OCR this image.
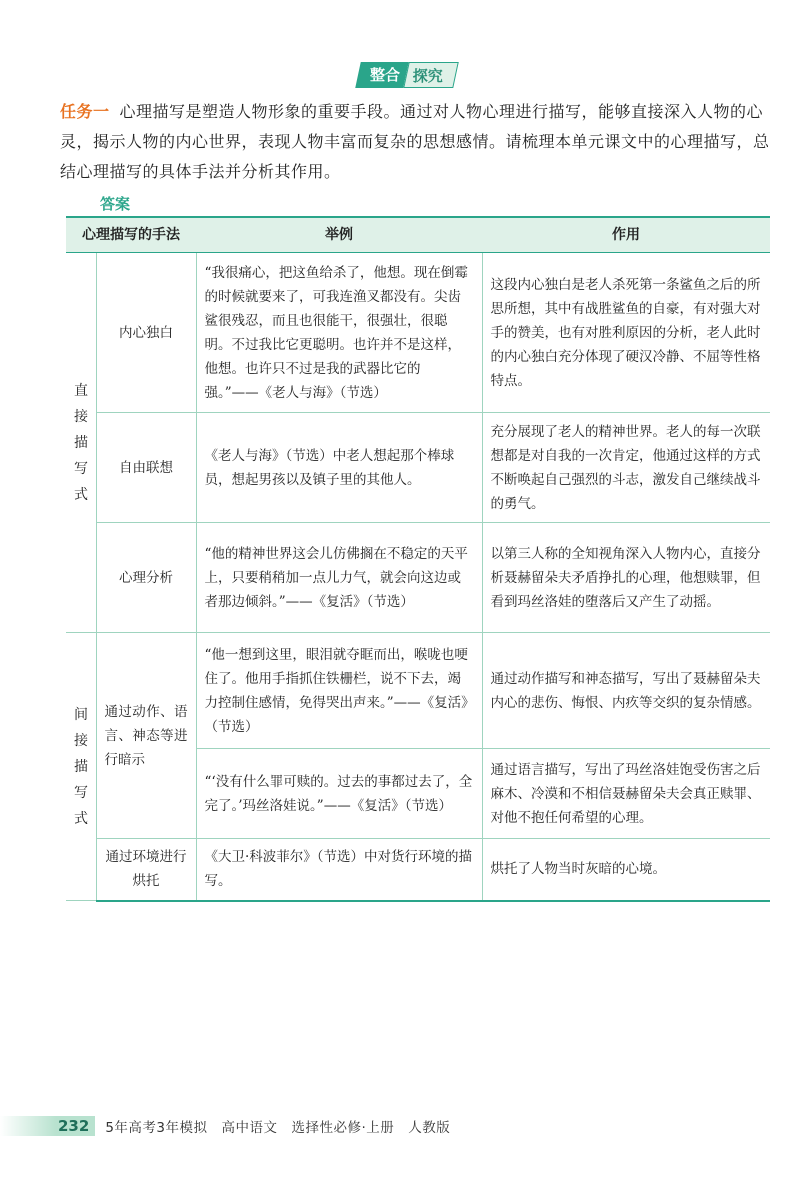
整合 探究
任务一 心理描写是塑造人物形象的重要手段。通过对人物心理进行描写，能够直接深入人物的心灵，揭示人物的内心世界，表现人物丰富而复杂的思想感情。请梳理本单元课文中的心理描写，总结心理描写的具体手法并分析其作用。
答案
心理描写的手法		举例	作用
直
接
描
写
式	内心独白	“我很痛心，把这鱼给杀了，他想。现在倒霉的时候就要来了，可我连渔叉都没有。尖齿鲨很残忍，而且也很能干，很强壮，很聪明。不过我比它更聪明。也许并不是这样，他想。也许只不过是我的武器比它的强。”——《老人与海》（节选）	这段内心独白是老人杀死第一条鲨鱼之后的所思所想，其中有战胜鲨鱼的自豪，有对强大对手的赞美，也有对胜利原因的分析，老人此时的内心独白充分体现了硬汉冷静、不屈等性格特点。
	自由联想	《老人与海》（节选）中老人想起那个棒球员，想起男孩以及镇子里的其他人。	充分展现了老人的精神世界。老人的每一次联想都是对自我的一次肯定，他通过这样的方式不断唤起自己强烈的斗志，激发自己继续战斗的勇气。
	心理分析	“他的精神世界这会儿仿佛搁在不稳定的天平上，只要稍稍加一点儿力气，就会向这边或者那边倾斜。”——《复活》（节选）	以第三人称的全知视角深入人物内心，直接分析聂赫留朵夫矛盾挣扎的心理，他想赎罪，但看到玛丝洛娃的堕落后又产生了动摇。
间
接
描
写
式	通过动作、语言、神态等进行暗示	“他一想到这里，眼泪就夺眶而出，喉咙也哽住了。他用手指抓住铁栅栏，说不下去，竭力控制住感情，免得哭出声来。”——《复活》（节选）	通过动作描写和神态描写，写出了聂赫留朵夫内心的悲伤、悔恨、内疚等交织的复杂情感。
		“‘没有什么罪可赎的。过去的事都过去了，全完了。’玛丝洛娃说。”——《复活》（节选）	通过语言描写，写出了玛丝洛娃饱受伤害之后麻木、冷漠和不相信聂赫留朵夫会真正赎罪、对他不抱任何希望的心理。
	通过环境进行烘托	《大卫·科波菲尔》（节选）中对货行环境的描写。	烘托了人物当时灰暗的心境。
232	5年高考3年模拟　高中语文　选择性必修·上册　人教版
